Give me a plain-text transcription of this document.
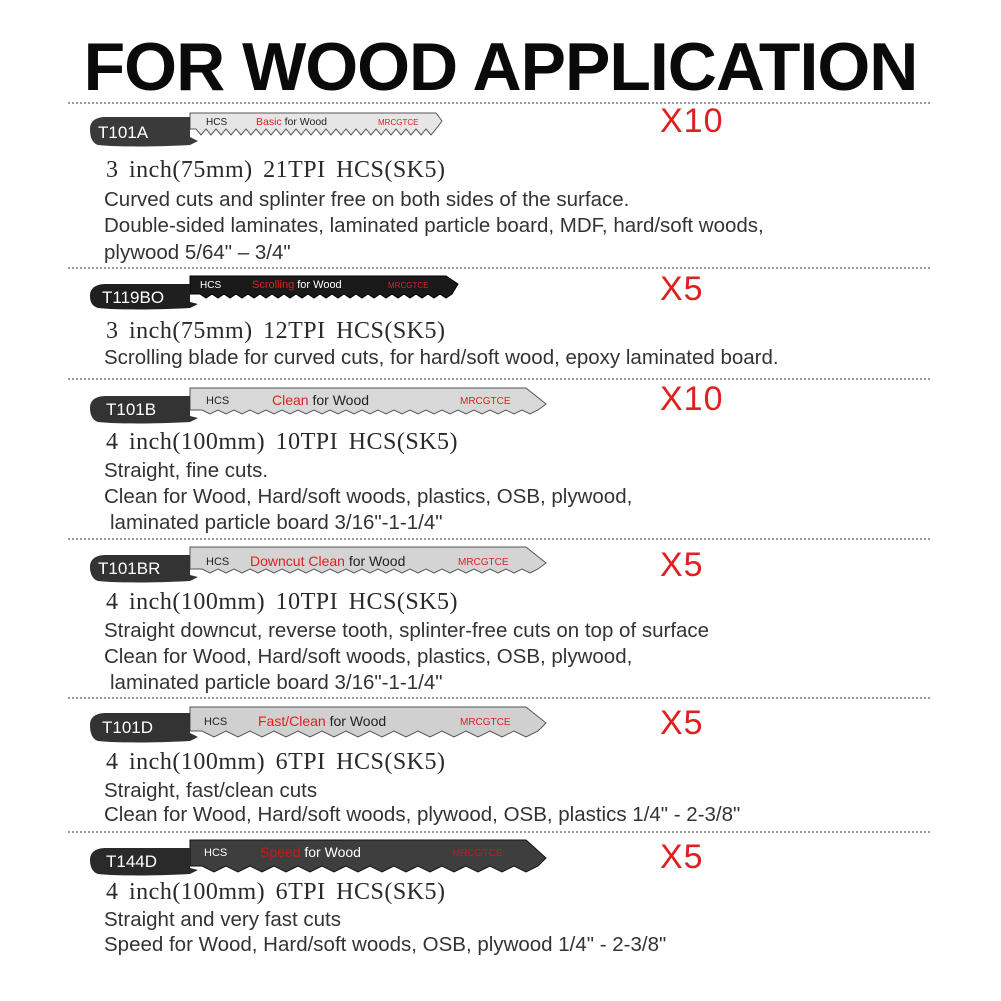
FOR WOOD APPLICATION
T101A
HCS	Basic for Wood	MRCGTCE	X10
3 inch(75mm) 21TPI HCS(SK5)
Curved cuts and splinter free on both sides of the surface.
Double-sided laminates, laminated particle board, MDF, hard/soft woods,
plywood 5/64" – 3/4"
T119BO
HCS	Scrolling for Wood	MRCGTCE	X5
3 inch(75mm) 12TPI HCS(SK5)
Scrolling blade for curved cuts, for hard/soft wood, epoxy laminated board.
T101B	HCS	Clean for Wood	MRCGTCE	X10
4 inch(100mm) 10TPI HCS(SK5)
Straight, fine cuts.
Clean for Wood, Hard/soft woods, plastics, OSB, plywood,
laminated particle board 3/16"-1-1/4"
T101BR	HCS Downcut Clean for Wood	MRCGTCE	X5
4 inch(100mm) 10TPI HCS(SK5)
Straight downcut, reverse tooth, splinter-free cuts on top of surface
Clean for Wood, Hard/soft woods, plastics, OSB, plywood,
laminated particle board 3/16"-1-1/4"
T101D	HCS Fast/Clean for Wood	MRCGTCE	X5
4 inch(100mm) 6TPI HCS(SK5)
Straight, fast/clean cuts
Clean for Wood, Hard/soft woods, plywood, OSB, plastics 1/4" - 2-3/8"
T144D	HCS Speed for Wood	MRCGTCE	X5
4 inch(100mm) 6TPI HCS(SK5)
Straight and very fast cuts
Speed for Wood, Hard/soft woods, OSB, plywood 1/4" - 2-3/8"
